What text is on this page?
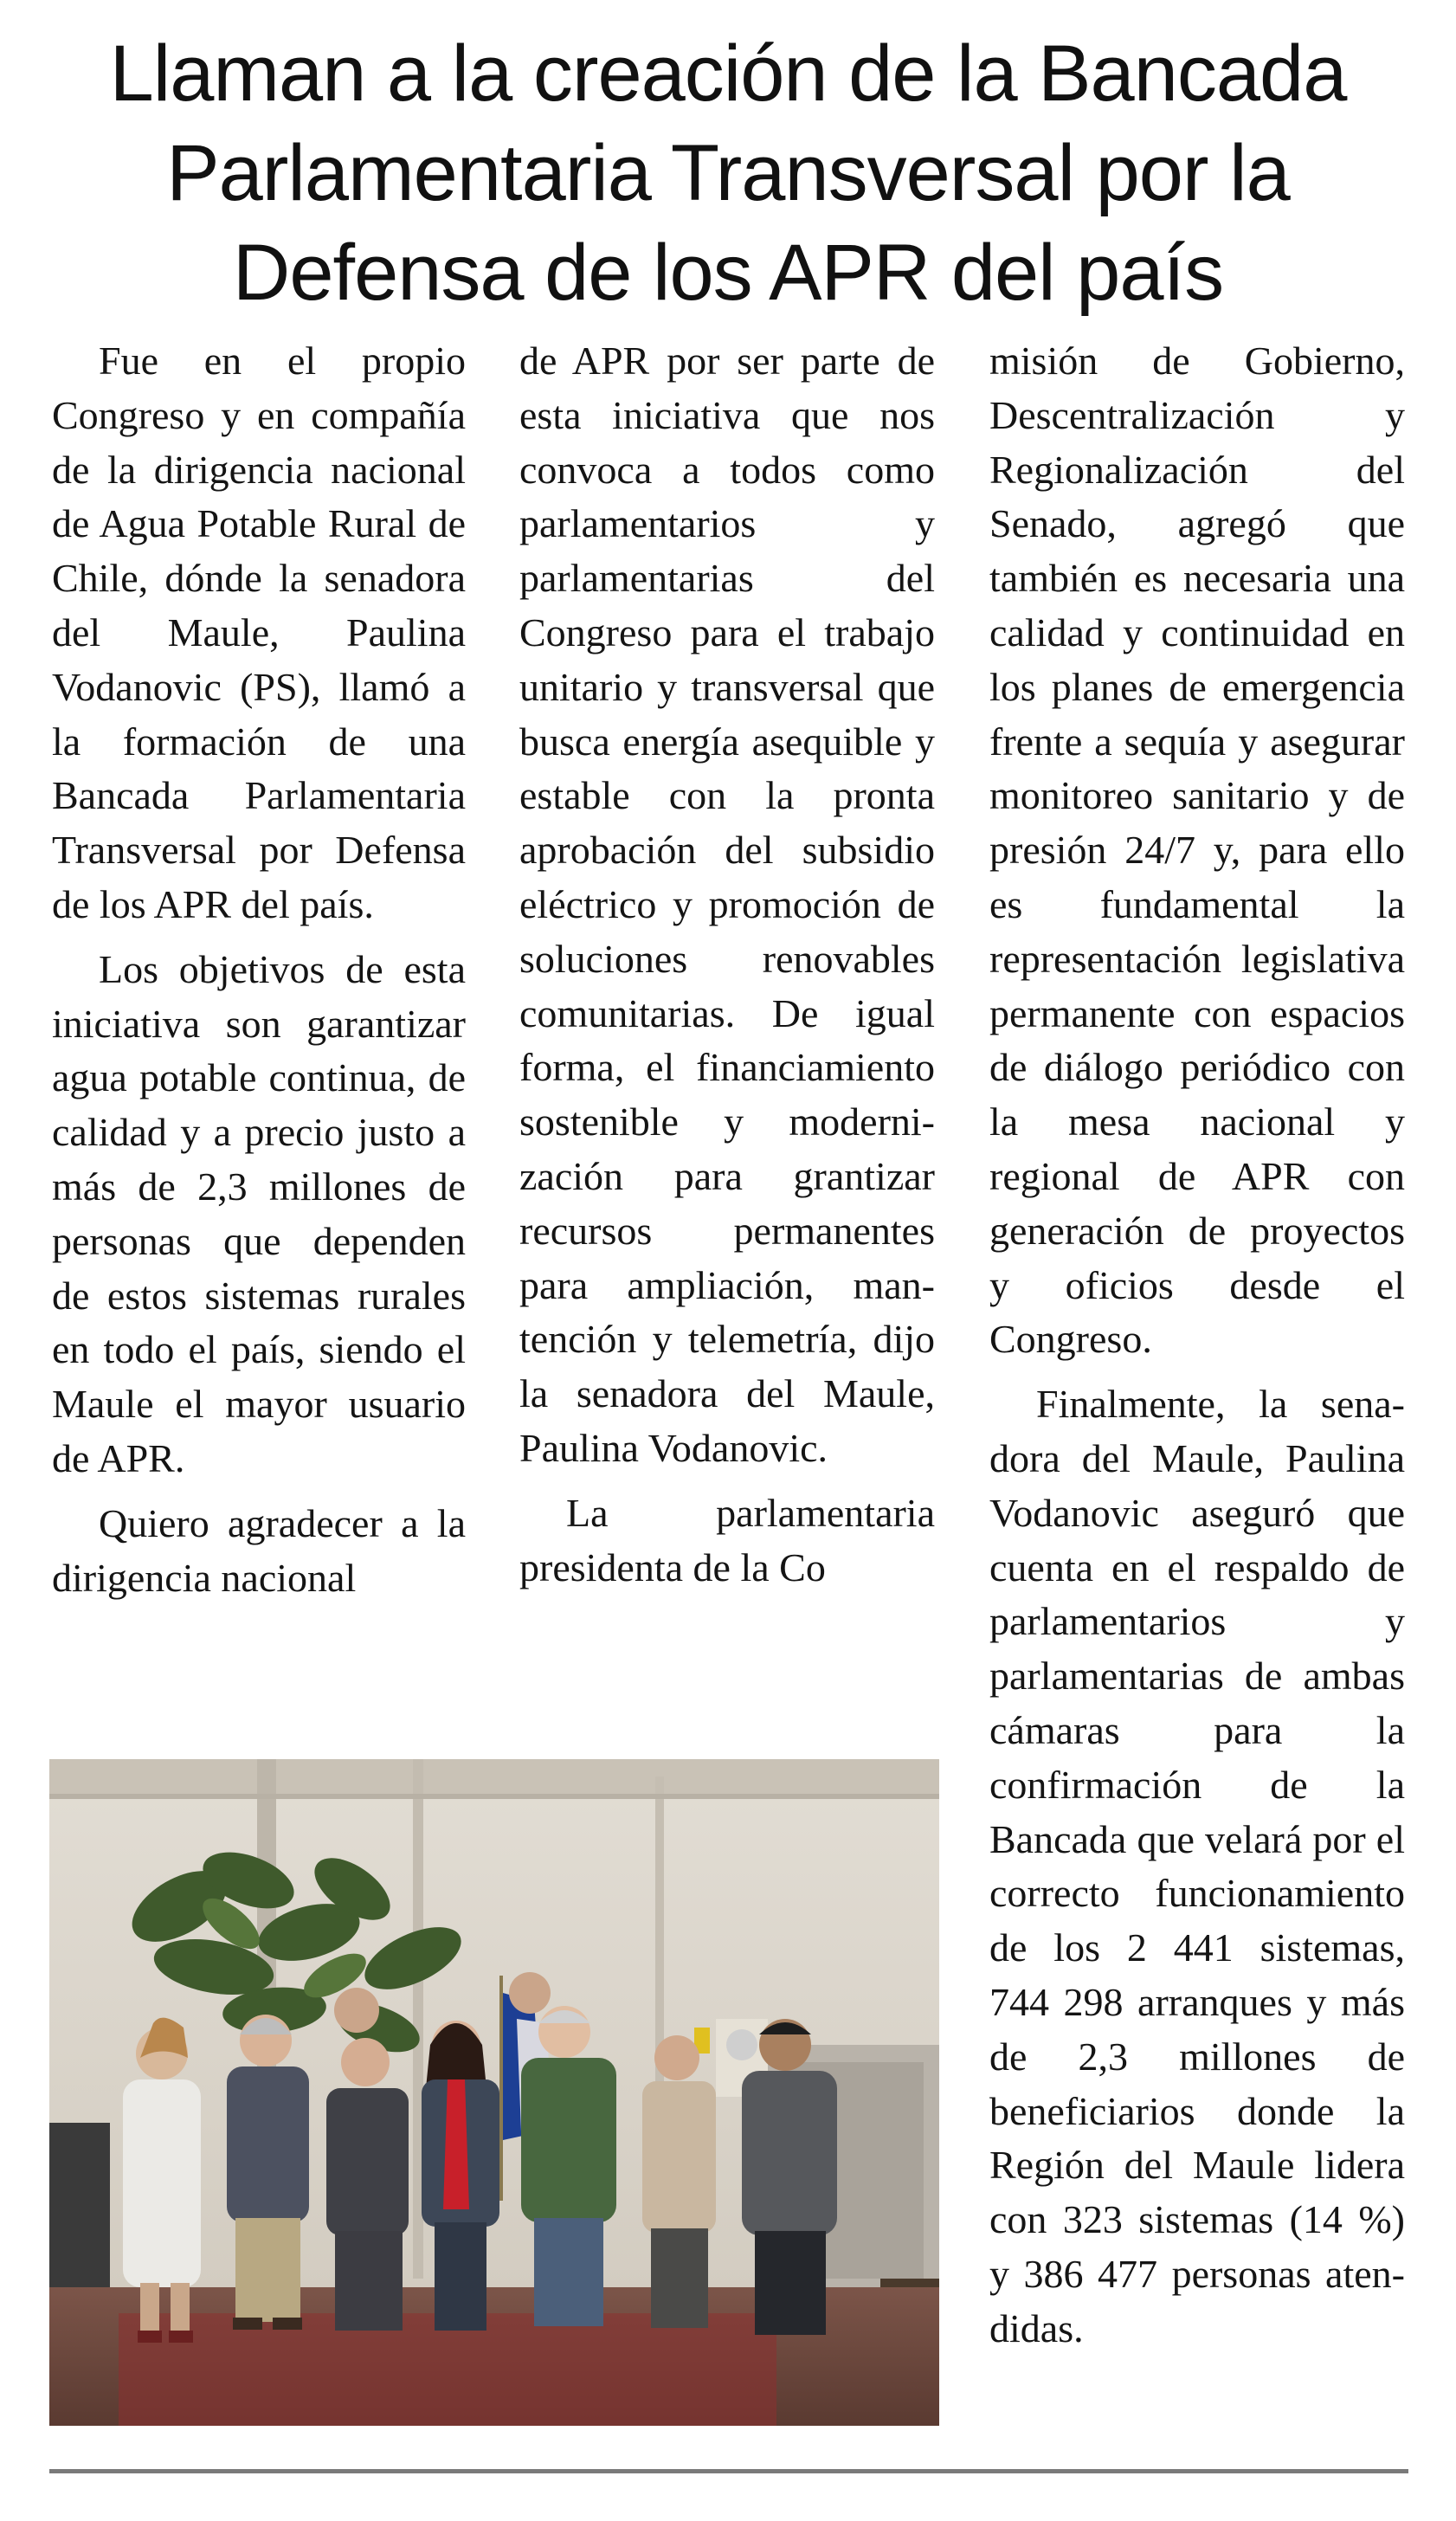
Llaman a la creación de la Bancada Parlamentaria Transversal por la Defensa de los APR del país

Fue en el propio Congreso y en compañía de la dirigencia nacional de Agua Potable Rural de Chile, dónde la senadora del Maule, Paulina Vodanovic (PS), llamó a la formación de una Bancada Parlamentaria Transversal por Defensa de los APR del país.

Los objetivos de esta iniciativa son garantizar agua potable continua, de calidad y a precio justo a más de 2,3 millones de personas que dependen de estos sistemas rurales en todo el país, siendo el Maule el mayor usuario de APR.

Quiero agradecer a la dirigencia nacional

de APR por ser parte de esta iniciativa que nos convoca a todos como parlamentarios y parlamentarias del Congreso para el trabajo unitario y transversal que busca energía asequible y estable con la pronta aprobación del subsidio eléctrico y promoción de soluciones renovables comunitarias. De igual forma, el financiamiento sostenible y modernización para grantizar recursos permanentes para ampliación, mantención y telemetría, dijo la senadora del Maule, Paulina Vodanovic.

La parlamentaria presidenta de la Co

misión de Gobierno, Descentralización y Regionalización del Senado, agregó que también es necesaria una calidad y continuidad en los planes de emergencia frente a sequía y asegurar monitoreo sanitario y de presión 24/7 y, para ello es fundamental la representación legislativa permanente con espacios de diálogo periódico con la mesa nacional y regional de APR con generación de proyectos y oficios desde el Congreso.

Finalmente, la senadora del Maule, Paulina Vodanovic aseguró que cuenta en el respaldo de parlamentarios y parlamentarias de ambas cámaras para la confirmación de la Bancada que velará por el correcto funcionamiento de los 2 441 sistemas, 744 298 arranques y más de 2,3 millones de beneficiarios donde la Región del Maule lidera con 323 sistemas (14 %) y 386 477 personas atendidas.
